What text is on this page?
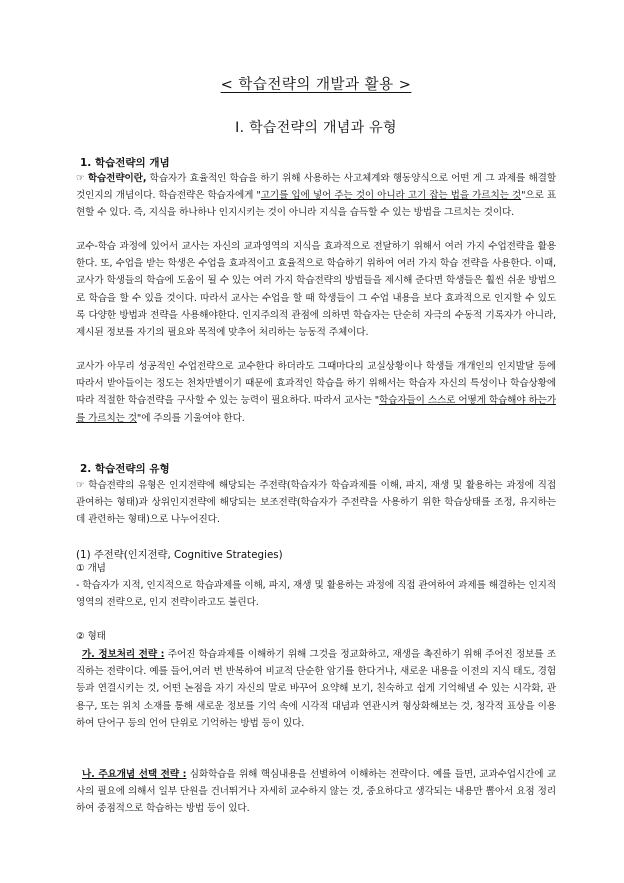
< 학습전략의 개발과 활용 >
I. 학습전략의 개념과 유형
1. 학습전략의 개념
☞ 학습전략이란, 학습자가 효율적인 학습을 하기 위해 사용하는 사고체계와 행동양식으로 어떤 게 그 과제를 해결할 것인지의 개념이다. 학습전략은 학습자에게 "고기를 입에 넣어 주는 것이 아니라 고기 잡는 법을 가르치는 것"으로 표현할 수 있다. 즉, 지식을 하나하나 인지시키는 것이 아니라 지식을 습득할 수 있는 방법을 그르치는 것이다.
교수-학습 과정에 있어서 교사는 자신의 교과영역의 지식을 효과적으로 전달하기 위해서 여러 가지 수업전략을 활용한다. 또, 수업을 받는 학생은 수업을 효과적이고 효율적으로 학습하기 위하여 여러 가지 학습 전략을 사용한다. 이때, 교사가 학생들의 학습에 도움이 될 수 있는 여러 가지 학습전략의 방법들을 제시해 준다면 학생들은 훨씬 쉬운 방법으로 학습을 할 수 있을 것이다. 따라서 교사는 수업을 할 때 학생들이 그 수업 내용을 보다 효과적으로 인지할 수 있도록 다양한 방법과 전략을 사용해야한다. 인지주의적 관점에 의하면 학습자는 단순히 자극의 수동적 기록자가 아니라, 제시된 정보를 자기의 필요와 목적에 맞추어 처리하는 능동적 주체이다.
교사가 아무리 성공적인 수업전략으로 교수한다 하더라도 그때마다의 교실상황이나 학생들 개개인의 인지발달 등에 따라서 받아들이는 정도는 천차만별이기 때문에 효과적인 학습을 하기 위해서는 학습자 자신의 특성이나 학습상황에 따라 적절한 학습전략을 구사할 수 있는 능력이 필요하다. 따라서 교사는 "학습자들이 스스로 어떻게 학습해야 하는가를 가르치는 것"에 주의를 기울여야 한다.
2. 학습전략의 유형
☞ 학습전략의 유형은 인지전략에 해당되는 주전략(학습자가 학습과제를 이해, 파지, 재생 및 활용하는 과정에 직접 관여하는 형태)과 상위인지전략에 해당되는 보조전략(학습자가 주전략을 사용하기 위한 학습상태를 조정, 유지하는 데 관련하는 형태)으로 나누어진다.
(1) 주전략(인지전략, Cognitive Strategies)
① 개념
- 학습자가 지적, 인지적으로 학습과제를 이해, 파지, 재생 및 활용하는 과정에 직접 관여하여 과제를 해결하는 인지적영역의 전략으로, 인지 전략이라고도 불린다.
② 형태
가. 정보처리 전략 : 주어진 학습과제를 이해하기 위해 그것을 정교화하고, 재생을 촉진하기 위해 주어진 정보를 조직하는 전략이다. 예를 들어,여러 번 반복하여 비교적 단순한 암기를 한다거나, 새로운 내용을 이전의 지식 태도, 경험 등과 연결시키는 것, 어떤 논점을 자기 자신의 말로 바꾸어 요약해 보기, 친숙하고 쉽게 기억해낼 수 있는 시각화, 관용구, 또는 위치 소재를 통해 새로운 정보를 기억 속에 시각적 대념과 연관시켜 형상화해보는 것, 청각적 표상을 이용하여 단어구 등의 언어 단위로 기억하는 방법 등이 있다.
나. 주요개념 선택 전략 : 심화학습을 위해 핵심내용을 선별하여 이해하는 전략이다. 예를 들면, 교과수업시간에 교사의 필요에 의해서 일부 단원을 건너뛰거나 자세히 교수하지 않는 것, 중요하다고 생각되는 내용만 뽑아서 요점 정리하여 중점적으로 학습하는 방법 등이 있다.
